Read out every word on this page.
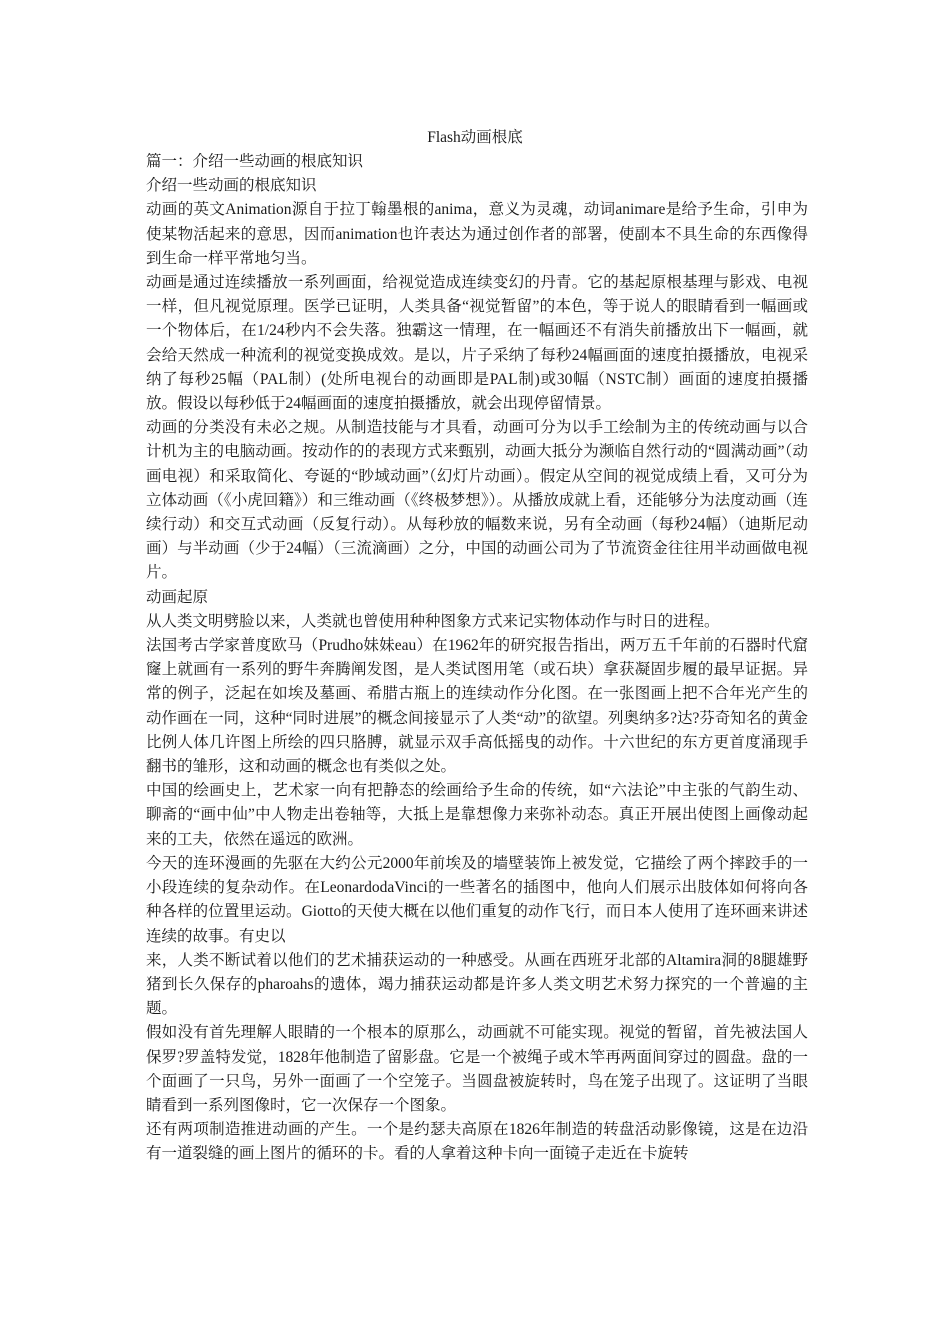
Flash动画根底

篇一：介绍一些动画的根底知识

介绍一些动画的根底知识

动画的英文Animation源自于拉丁翰墨根的anima，意义为灵魂，动词animare是给予生命，引申为使某物活起来的意思，因而animation也许表达为通过创作者的部署，使副本不具生命的东西像得到生命一样平常地匀当。

动画是通过连续播放一系列画面，给视觉造成连续变幻的丹青。它的基起原根基理与影戏、电视一样，但凡视觉原理。医学已证明，人类具备“视觉暂留”的本色，等于说人的眼睛看到一幅画或一个物体后，在1/24秒内不会失落。独霸这一情理，在一幅画还不有消失前播放出下一幅画，就会给天然成一种流利的视觉变换成效。是以，片子采纳了每秒24幅画面的速度拍摄播放，电视采纳了每秒25幅（PAL制）(处所电视台的动画即是PAL制)或30幅（NSTC制）画面的速度拍摄播放。假设以每秒低于24幅画面的速度拍摄播放，就会出现停留情景。

动画的分类没有未必之规。从制造技能与才具看，动画可分为以手工绘制为主的传统动画与以合计机为主的电脑动画。按动作的的表现方式来甄别，动画大抵分为濒临自然行动的“圆满动画”（动画电视）和采取简化、夸诞的“眇域动画”（幻灯片动画）。假定从空间的视觉成绩上看，又可分为立体动画（《小虎回籍》）和三维动画（《终极梦想》）。从播放成就上看，还能够分为法度动画（连续行动）和交互式动画（反复行动）。从每秒放的幅数来说，另有全动画（每秒24幅）（迪斯尼动画）与半动画（少于24幅）（三流滴画）之分，中国的动画公司为了节流资金往往用半动画做电视片。

动画起原

从人类文明劈脸以来，人类就也曾使用种种图象方式来记实物体动作与时日的进程。

法国考古学家普度欧马（Prudho妹妹eau）在1962年的研究报告指出，两万五千年前的石器时代窟窿上就画有一系列的野牛奔腾阐发图，是人类试图用笔（或石块）拿获凝固步履的最早证据。异常的例子，泛起在如埃及墓画、希腊古瓶上的连续动作分化图。在一张图画上把不合年光产生的动作画在一同，这种“同时进展”的概念间接显示了人类“动”的欲望。列奥纳多?达?芬奇知名的黄金比例人体几许图上所绘的四只胳膊，就显示双手高低摇曳的动作。十六世纪的东方更首度涌现手翻书的雏形，这和动画的概念也有类似之处。

中国的绘画史上，艺术家一向有把静态的绘画给予生命的传统，如“六法论”中主张的气韵生动、聊斋的“画中仙”中人物走出卷轴等，大抵上是靠想像力来弥补动态。真正开展出使图上画像动起来的工夫，依然在遥远的欧洲。

今天的连环漫画的先驱在大约公元2000年前埃及的墙壁装饰上被发觉，它描绘了两个摔跤手的一小段连续的复杂动作。在LeonardodaVinci的一些著名的插图中，他向人们展示出肢体如何将向各种各样的位置里运动。Giotto的天使大概在以他们重复的动作飞行，而日本人使用了连环画来讲述连续的故事。有史以

来，人类不断试着以他们的艺术捕获运动的一种感受。从画在西班牙北部的Altamira洞的8腿雄野猪到长久保存的pharoahs的遗体，竭力捕获运动都是许多人类文明艺术努力探究的一个普遍的主题。

假如没有首先理解人眼睛的一个根本的原那么，动画就不可能实现。视觉的暂留，首先被法国人保罗?罗盖特发觉，1828年他制造了留影盘。它是一个被绳子或木竿再两面间穿过的圆盘。盘的一个面画了一只鸟，另外一面画了一个空笼子。当圆盘被旋转时，鸟在笼子出现了。这证明了当眼睛看到一系列图像时，它一次保存一个图象。

还有两项制造推进动画的产生。一个是约瑟夫高原在1826年制造的转盘活动影像镜，这是在边沿有一道裂缝的画上图片的循环的卡。看的人拿着这种卡向一面镜子走近在卡旋转
